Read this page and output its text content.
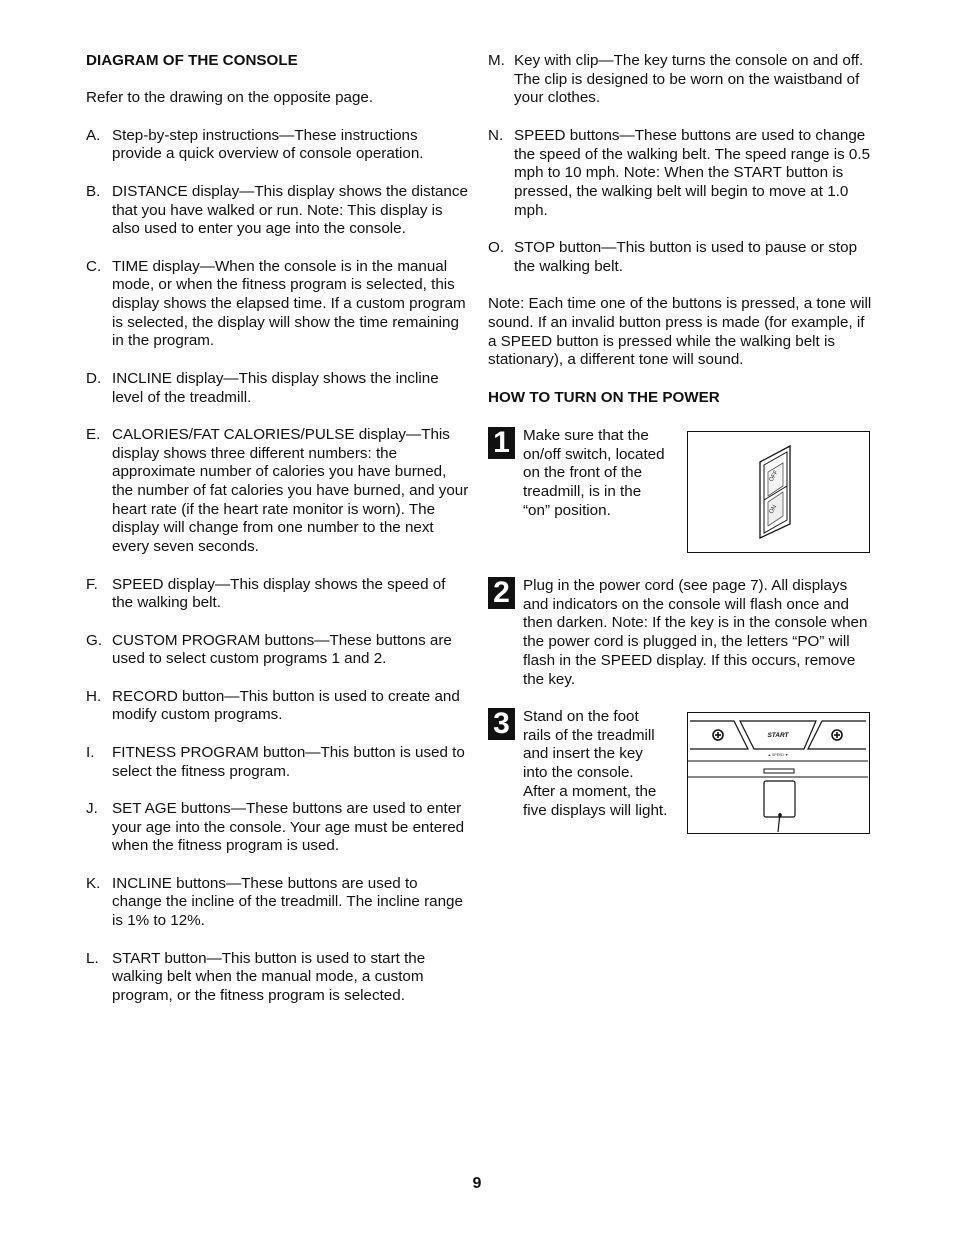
DIAGRAM OF THE CONSOLE
Refer to the drawing on the opposite page.
A. Step-by-step instructions—These instructions provide a quick overview of console operation.
B. DISTANCE display—This display shows the distance that you have walked or run. Note: This display is also used to enter you age into the console.
C. TIME display—When the console is in the manual mode, or when the fitness program is selected, this display shows the elapsed time. If a custom program is selected, the display will show the time remaining in the program.
D. INCLINE display—This display shows the incline level of the treadmill.
E. CALORIES/FAT CALORIES/PULSE display—This display shows three different numbers: the approximate number of calories you have burned, the number of fat calories you have burned, and your heart rate (if the heart rate monitor is worn). The display will change from one number to the next every seven seconds.
F. SPEED display—This display shows the speed of the walking belt.
G. CUSTOM PROGRAM buttons—These buttons are used to select custom programs 1 and 2.
H. RECORD button—This button is used to create and modify custom programs.
I. FITNESS PROGRAM button—This button is used to select the fitness program.
J. SET AGE buttons—These buttons are used to enter your age into the console. Your age must be entered when the fitness program is used.
K. INCLINE buttons—These buttons are used to change the incline of the treadmill. The incline range is 1% to 12%.
L. START button—This button is used to start the walking belt when the manual mode, a custom program, or the fitness program is selected.
M. Key with clip—The key turns the console on and off. The clip is designed to be worn on the waistband of your clothes.
N. SPEED buttons—These buttons are used to change the speed of the walking belt. The speed range is 0.5 mph to 10 mph. Note: When the START button is pressed, the walking belt will begin to move at 1.0 mph.
O. STOP button—This button is used to pause or stop the walking belt.
Note: Each time one of the buttons is pressed, a tone will sound. If an invalid button press is made (for example, if a SPEED button is pressed while the walking belt is stationary), a different tone will sound.
HOW TO TURN ON THE POWER
1 Make sure that the on/off switch, located on the front of the treadmill, is in the “on” position.
OFF
ON
2 Plug in the power cord (see page 7). All displays and indicators on the console will flash once and then darken. Note: If the key is in the console when the power cord is plugged in, the letters “PO” will flash in the SPEED display. If this occurs, remove the key.
3 Stand on the foot rails of the treadmill and insert the key into the console. After a moment, the five displays will light.
START
▲ SPEED ▼
9
